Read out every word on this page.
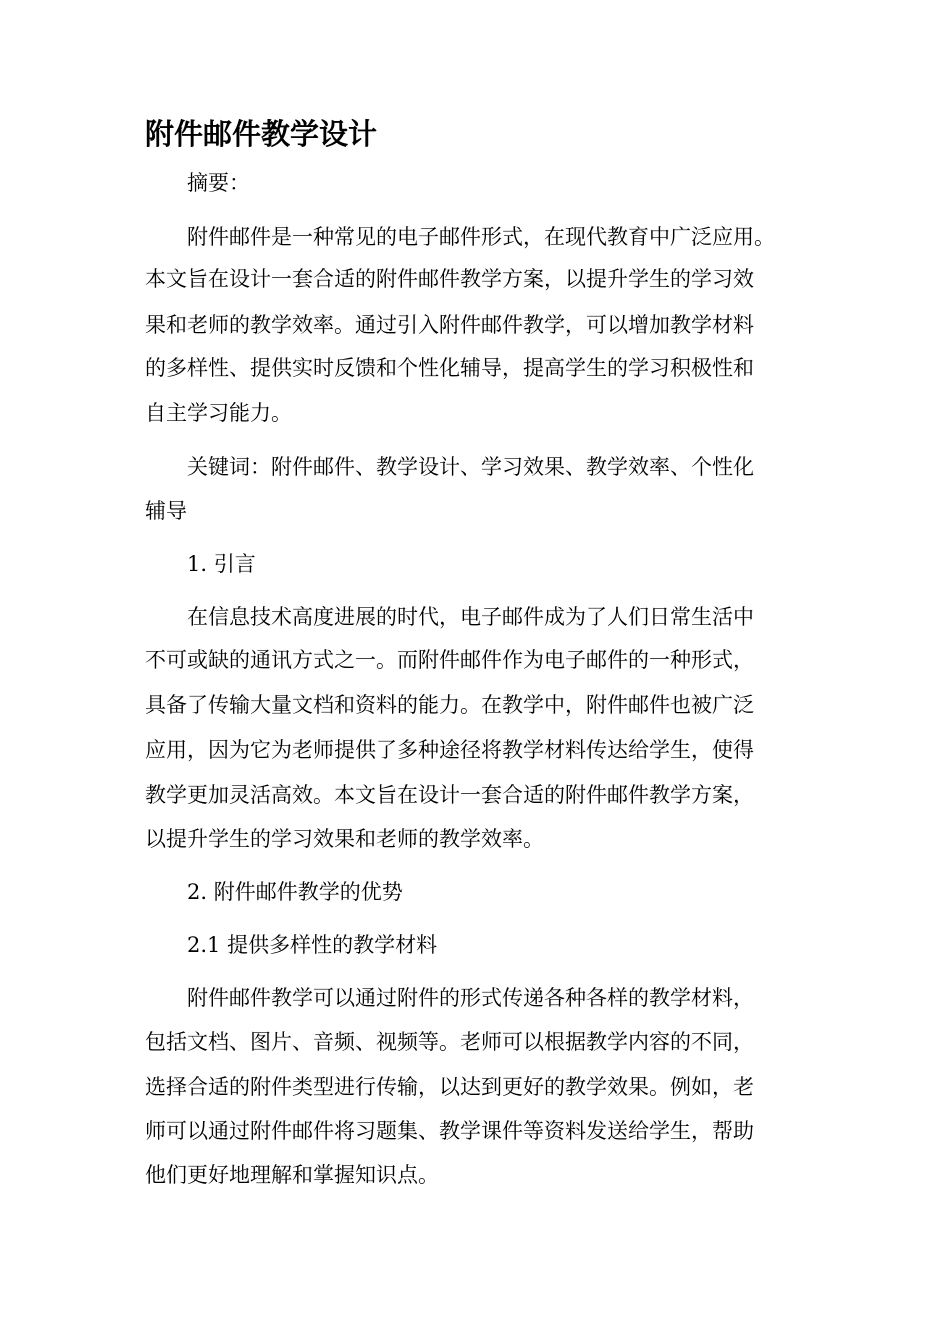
附件邮件教学设计

摘要：

附件邮件是一种常见的电子邮件形式，在现代教育中广泛应用。

本文旨在设计一套合适的附件邮件教学方案，以提升学生的学习效

果和老师的教学效率。通过引入附件邮件教学，可以增加教学材料

的多样性、提供实时反馈和个性化辅导，提高学生的学习积极性和

自主学习能力。

关键词：附件邮件、教学设计、学习效果、教学效率、个性化

辅导

1. 引言

在信息技术高度进展的时代，电子邮件成为了人们日常生活中

不可或缺的通讯方式之一。而附件邮件作为电子邮件的一种形式，

具备了传输大量文档和资料的能力。在教学中，附件邮件也被广泛

应用，因为它为老师提供了多种途径将教学材料传达给学生，使得

教学更加灵活高效。本文旨在设计一套合适的附件邮件教学方案，

以提升学生的学习效果和老师的教学效率。

2. 附件邮件教学的优势

2.1 提供多样性的教学材料

附件邮件教学可以通过附件的形式传递各种各样的教学材料，

包括文档、图片、音频、视频等。老师可以根据教学内容的不同，

选择合适的附件类型进行传输，以达到更好的教学效果。例如，老

师可以通过附件邮件将习题集、教学课件等资料发送给学生，帮助

他们更好地理解和掌握知识点。
